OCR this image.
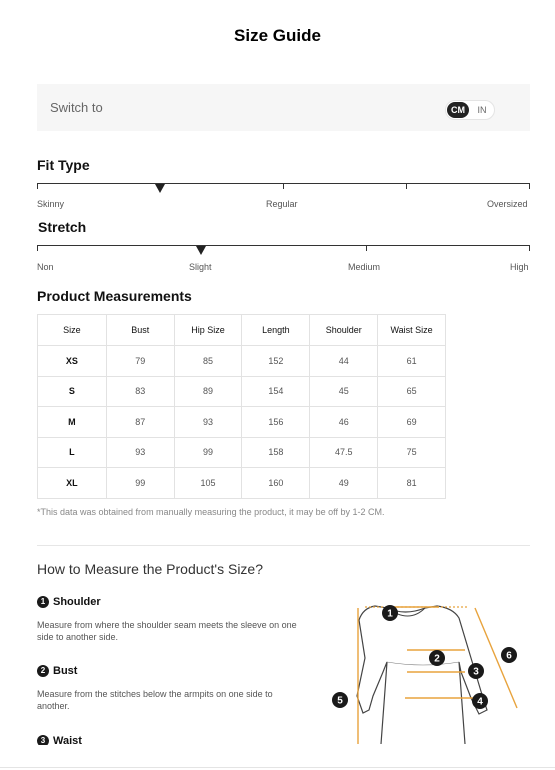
Size Guide
Switch to	CM	IN
Fit Type
Skinny	Regular	Oversized
Stretch
Non	Slight	Medium	High
Product Measurements
Size	Bust	Hip Size	Length	Shoulder	Waist Size
XS	79	85	152	44	61
S	83	89	154	45	65
M	87	93	156	46	69
L	93	99	158	47.5	75
XL	99	105	160	49	81
*This data was obtained from manually measuring the product, it may be off by 1-2 CM.
How to Measure the Product's Size?
1 Shoulder
Measure from where the shoulder seam meets the sleeve on one side to another side.
2 Bust
Measure from the stitches below the armpits on one side to another.
3 Waist
1
2
3
4
5
6
